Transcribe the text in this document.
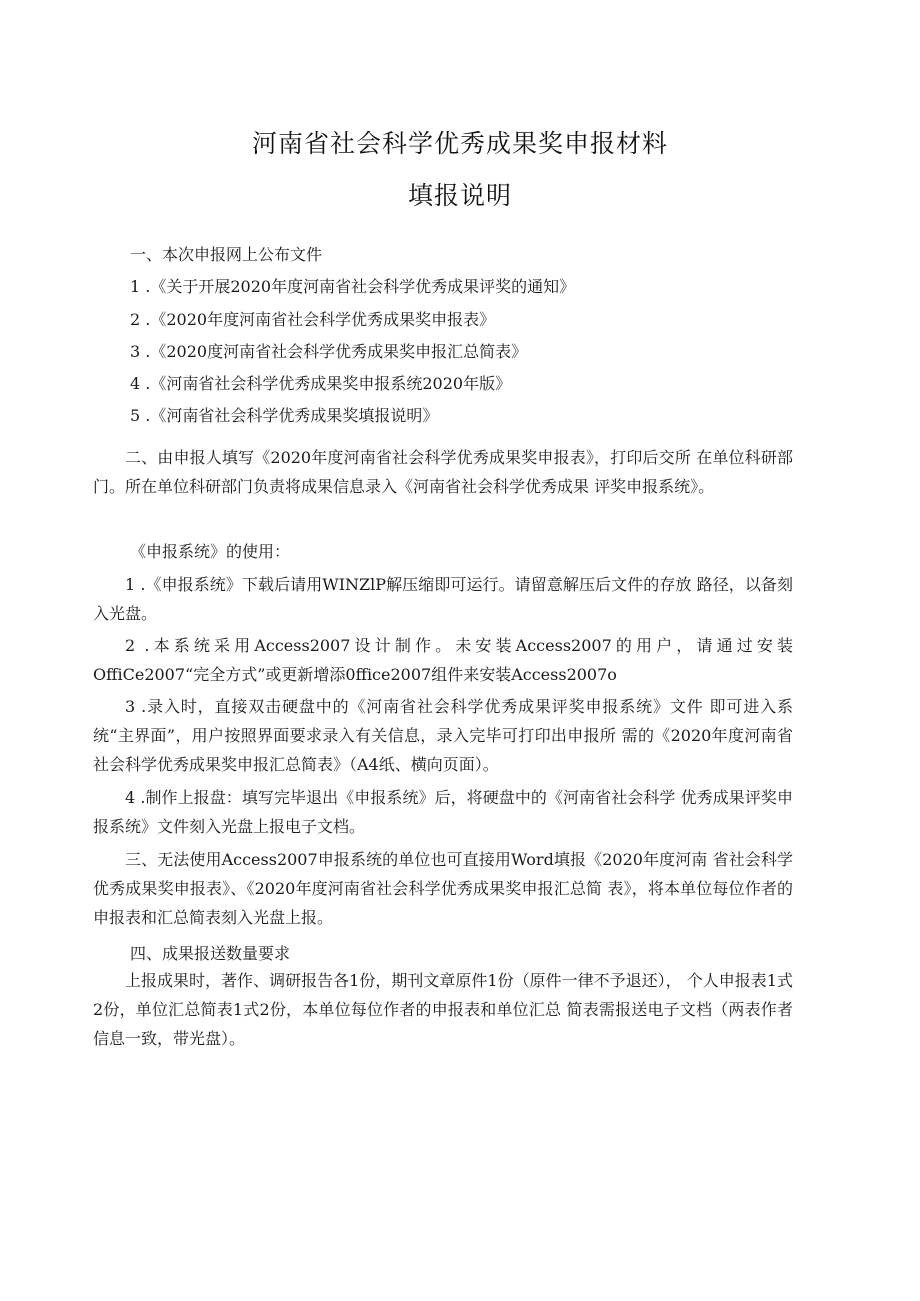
河南省社会科学优秀成果奖申报材料
填报说明
一、本次申报网上公布文件
1 .《关于开展2020年度河南省社会科学优秀成果评奖的通知》
2 .《2020年度河南省社会科学优秀成果奖申报表》
3 .《2020度河南省社会科学优秀成果奖申报汇总简表》
4 .《河南省社会科学优秀成果奖申报系统2020年版》
5 .《河南省社会科学优秀成果奖填报说明》

二、由申报人填写《2020年度河南省社会科学优秀成果奖申报表》，打印后交所 在单位科研部门。所在单位科研部门负责将成果信息录入《河南省社会科学优秀成果 评奖申报系统》。

《申报系统》的使用：

1 .《申报系统》下载后请用WINZlP解压缩即可运行。请留意解压后文件的存放 路径，以备刻入光盘。

2 .本系统采用Access2007设计制作。未安装Access2007的用户，请通过安装OffiCe2007“完全方式”或更新增添0ffice2007组件来安装Access2007o

3 .录入时，直接双击硬盘中的《河南省社会科学优秀成果评奖申报系统》文件 即可进入系统“主界面”，用户按照界面要求录入有关信息，录入完毕可打印出申报所 需的《2020年度河南省社会科学优秀成果奖申报汇总简表》（A4纸、横向页面）。

4 .制作上报盘：填写完毕退出《申报系统》后，将硬盘中的《河南省社会科学 优秀成果评奖申报系统》文件刻入光盘上报电子文档。

三、无法使用Access2007申报系统的单位也可直接用Word填报《2020年度河南 省社会科学优秀成果奖申报表》、《2020年度河南省社会科学优秀成果奖申报汇总简 表》，将本单位每位作者的申报表和汇总简表刻入光盘上报。

四、成果报送数量要求

上报成果时，著作、调研报告各1份，期刊文章原件1份（原件一律不予退还）， 个人申报表1式2份，单位汇总简表1式2份，本单位每位作者的申报表和单位汇总 简表需报送电子文档（两表作者信息一致，带光盘）。
